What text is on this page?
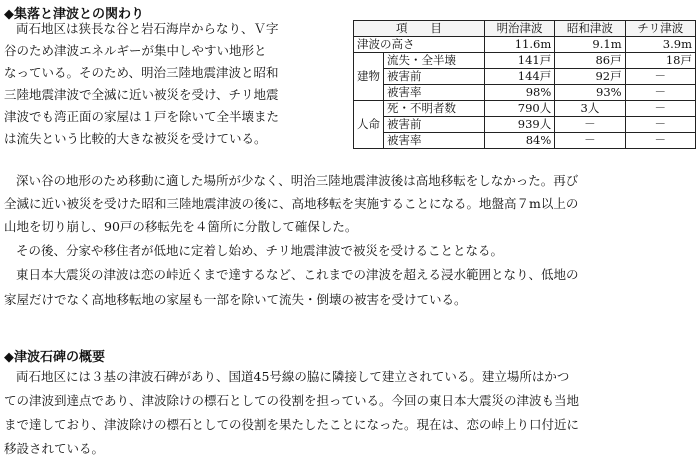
◆集落と津波との関わり
両石地区は狭長な谷と岩石海岸からなり、Ｖ字
谷のため津波エネルギーが集中しやすい地形と
なっている。そのため、明治三陸地震津波と昭和
三陸地震津波で全滅に近い被災を受け、チリ地震
津波でも湾正面の家屋は１戸を除いて全半壊また
は流失という比較的大きな被災を受けている。
項　　目		明治津波	昭和津波	チリ津波
津波の高さ		11.6m	9.1m	3.9m
建物	流失・全半壊	141戸	86戸	18戸
	被害前	144戸	92戸	－
	被害率	98%	93%	－
人命	死・不明者数	790人	3人	－
	被害前	939人	－	－
	被害率	84%	－	－
深い谷の地形のため移動に適した場所が少なく、明治三陸地震津波後は高地移転をしなかった。再び
全滅に近い被災を受けた昭和三陸地震津波の後に、高地移転を実施することになる。地盤高７m以上の
山地を切り崩し、90戸の移転先を４箇所に分散して確保した。
その後、分家や移住者が低地に定着し始め、チリ地震津波で被災を受けることとなる。
東日本大震災の津波は恋の峠近くまで達するなど、これまでの津波を超える浸水範囲となり、低地の
家屋だけでなく高地移転地の家屋も一部を除いて流失・倒壊の被害を受けている。
◆津波石碑の概要
両石地区には３基の津波石碑があり、国道45号線の脇に隣接して建立されている。建立場所はかつ
ての津波到達点であり、津波除けの標石としての役割を担っている。今回の東日本大震災の津波も当地
まで達しており、津波除けの標石としての役割を果たしたことになった。現在は、恋の峠上り口付近に
移設されている。
